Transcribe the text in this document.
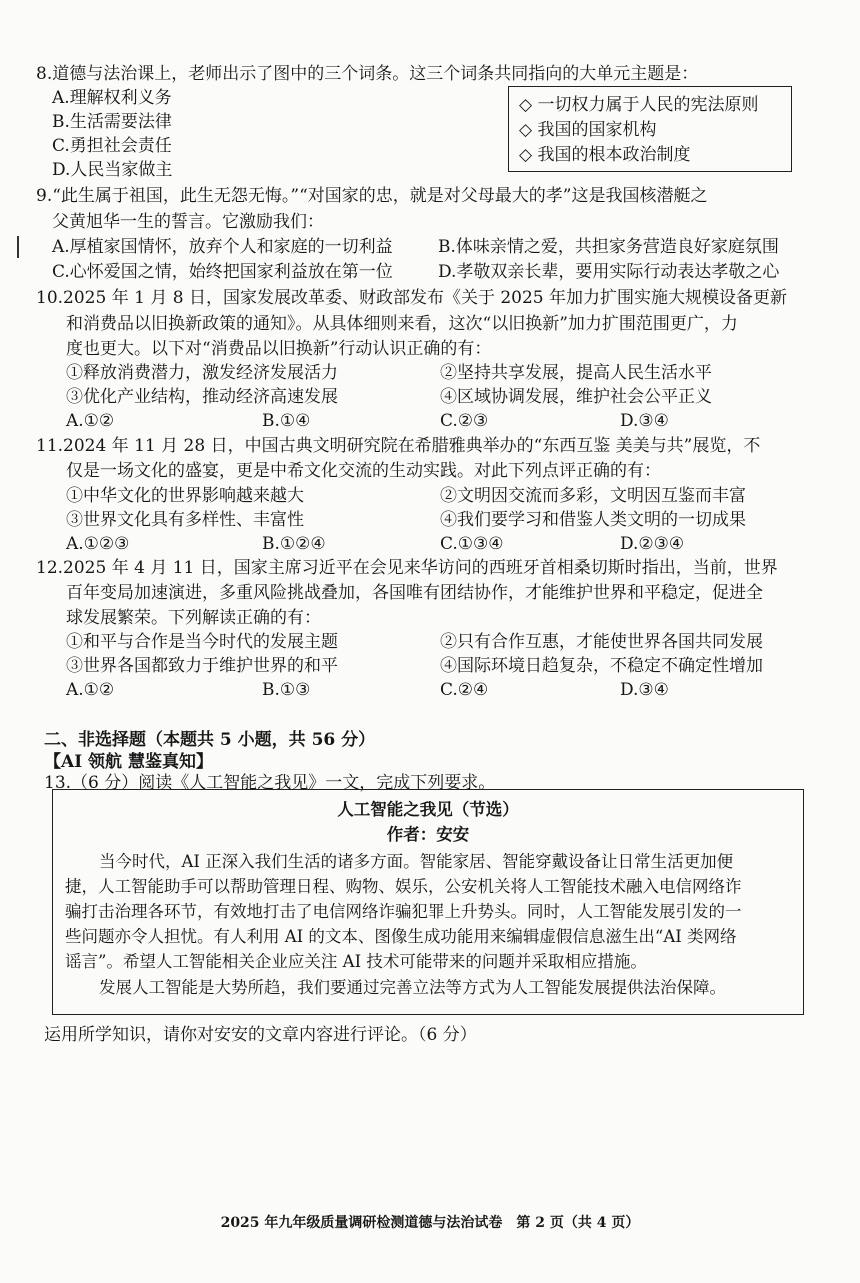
8.道德与法治课上，老师出示了图中的三个词条。这三个词条共同指向的大单元主题是：
A.理解权利义务
B.生活需要法律
C.勇担社会责任
D.人民当家做主
◇ 一切权力属于人民的宪法原则
◇ 我国的国家机构
◇ 我国的根本政治制度
9.“此生属于祖国，此生无怨无悔。”“对国家的忠，就是对父母最大的孝”这是我国核潜艇之
父黄旭华一生的誓言。它激励我们：
A.厚植家国情怀，放弃个人和家庭的一切利益	B.体味亲情之爱，共担家务营造良好家庭氛围
C.心怀爱国之情，始终把国家利益放在第一位	D.孝敬双亲长辈，要用实际行动表达孝敬之心
10.2025 年 1 月 8 日，国家发展改革委、财政部发布《关于 2025 年加力扩围实施大规模设备更新
和消费品以旧换新政策的通知》。从具体细则来看，这次“以旧换新”加力扩围范围更广，力
度也更大。以下对“消费品以旧换新”行动认识正确的有：
①释放消费潜力，激发经济发展活力	②坚持共享发展，提高人民生活水平
③优化产业结构，推动经济高速发展	④区域协调发展，维护社会公平正义
A.①②	B.①④	C.②③	D.③④
11.2024 年 11 月 28 日，中国古典文明研究院在希腊雅典举办的“东西互鉴 美美与共”展览，不
仅是一场文化的盛宴，更是中希文化交流的生动实践。对此下列点评正确的有：
①中华文化的世界影响越来越大	②文明因交流而多彩，文明因互鉴而丰富
③世界文化具有多样性、丰富性	④我们要学习和借鉴人类文明的一切成果
A.①②③	B.①②④	C.①③④	D.②③④
12.2025 年 4 月 11 日，国家主席习近平在会见来华访问的西班牙首相桑切斯时指出，当前，世界
百年变局加速演进，多重风险挑战叠加，各国唯有团结协作，才能维护世界和平稳定，促进全
球发展繁荣。下列解读正确的有：
①和平与合作是当今时代的发展主题	②只有合作互惠，才能使世界各国共同发展
③世界各国都致力于维护世界的和平	④国际环境日趋复杂，不稳定不确定性增加
A.①②	B.①③	C.②④	D.③④
二、非选择题（本题共 5 小题，共 56 分）
【AI 领航 慧鉴真知】
13.（6 分）阅读《人工智能之我见》一文，完成下列要求。
人工智能之我见（节选）
作者：安安
当今时代，AI 正深入我们生活的诸多方面。智能家居、智能穿戴设备让日常生活更加便
捷，人工智能助手可以帮助管理日程、购物、娱乐，公安机关将人工智能技术融入电信网络诈
骗打击治理各环节，有效地打击了电信网络诈骗犯罪上升势头。同时，人工智能发展引发的一
些问题亦令人担忧。有人利用 AI 的文本、图像生成功能用来编辑虚假信息滋生出“AI 类网络
谣言”。希望人工智能相关企业应关注 AI 技术可能带来的问题并采取相应措施。
发展人工智能是大势所趋，我们要通过完善立法等方式为人工智能发展提供法治保障。
运用所学知识，请你对安安的文章内容进行评论。（6 分）
2025 年九年级质量调研检测道德与法治试卷　第 2 页（共 4 页）
